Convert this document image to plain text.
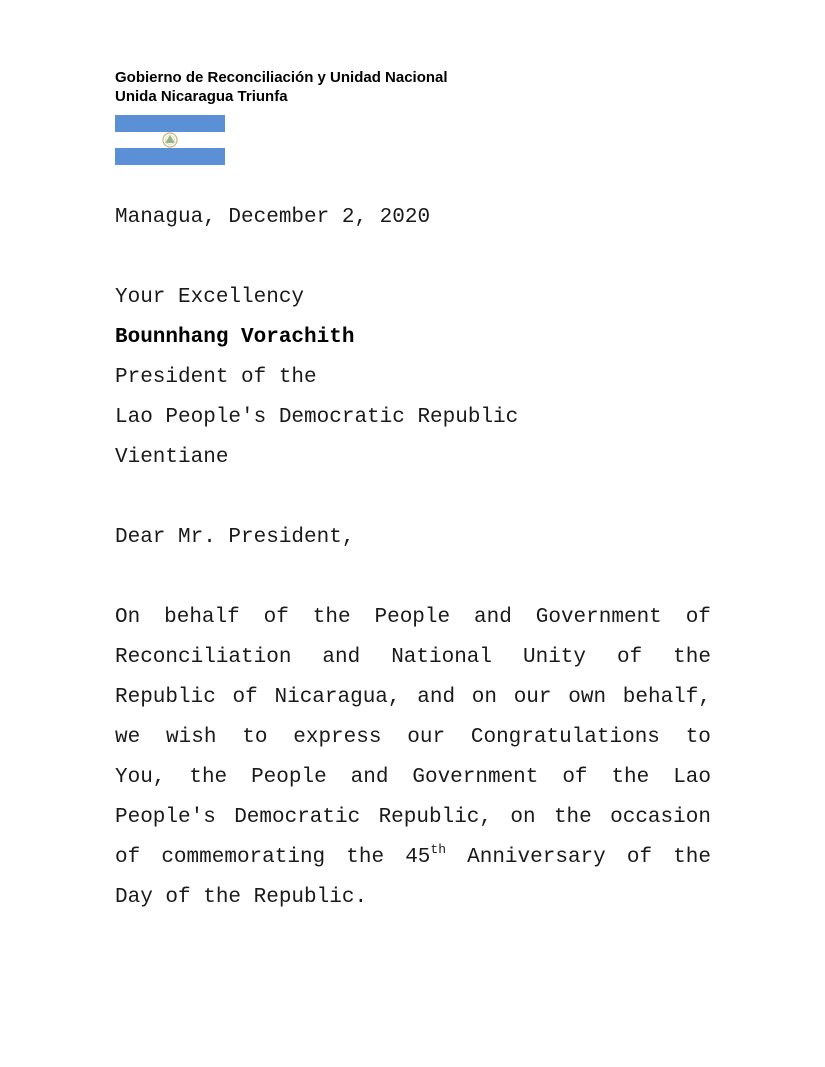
Gobierno de Reconciliación y Unidad Nacional
Unida Nicaragua Triunfa
Managua, December 2, 2020
Your Excellency
Bounnhang Vorachith
President of the
Lao People's Democratic Republic
Vientiane
Dear Mr. President,
On behalf of the People and Government of
Reconciliation and National Unity of the
Republic of Nicaragua, and on our own behalf,
we wish to express our Congratulations to
You, the People and Government of the Lao
People's Democratic Republic, on the occasion
of commemorating the 45th Anniversary of the
Day of the Republic.
